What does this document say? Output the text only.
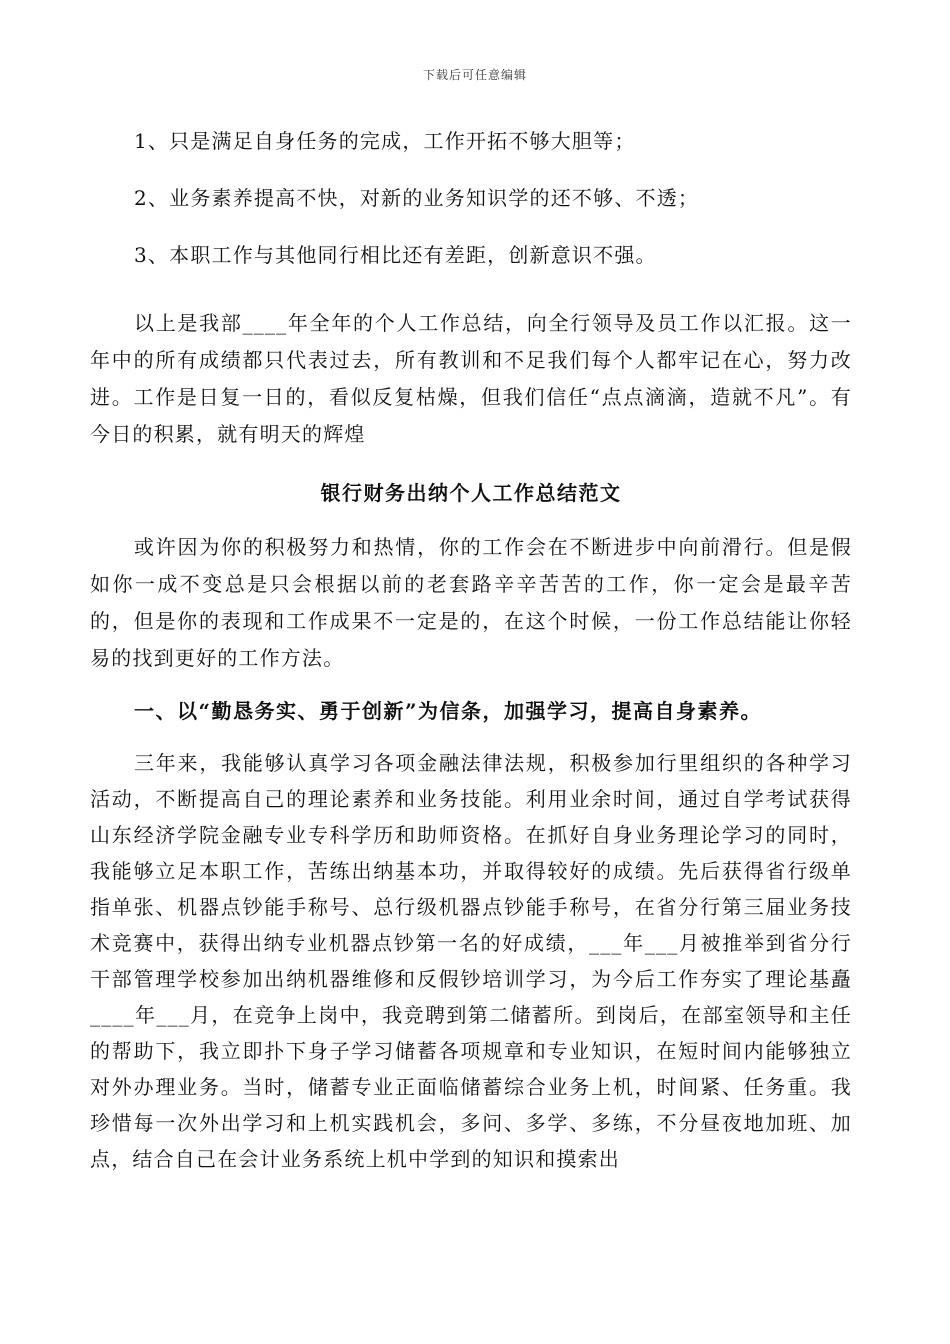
下载后可任意编辑

1、只是满足自身任务的完成，工作开拓不够大胆等；

2、业务素养提高不快，对新的业务知识学的还不够、不透；

3、本职工作与其他同行相比还有差距，创新意识不强。

以上是我部____年全年的个人工作总结，向全行领导及员工作以汇报。这一年中的所有成绩都只代表过去，所有教训和不足我们每个人都牢记在心，努力改进。工作是日复一日的，看似反复枯燥，但我们信任“点点滴滴，造就不凡”。有今日的积累，就有明天的辉煌

银行财务出纳个人工作总结范文

或许因为你的积极努力和热情，你的工作会在不断进步中向前滑行。但是假如你一成不变总是只会根据以前的老套路辛辛苦苦的工作，你一定会是最辛苦的，但是你的表现和工作成果不一定是的，在这个时候，一份工作总结能让你轻易的找到更好的工作方法。

一、以“勤恳务实、勇于创新”为信条，加强学习，提高自身素养。

三年来，我能够认真学习各项金融法律法规，积极参加行里组织的各种学习活动，不断提高自己的理论素养和业务技能。利用业余时间，通过自学考试获得山东经济学院金融专业专科学历和助师资格。在抓好自身业务理论学习的同时，我能够立足本职工作，苦练出纳基本功，并取得较好的成绩。先后获得省行级单指单张、机器点钞能手称号、总行级机器点钞能手称号，在省分行第三届业务技术竞赛中，获得出纳专业机器点钞第一名的好成绩，___年___月被推举到省分行干部管理学校参加出纳机器维修和反假钞培训学习，为今后工作夯实了理论基矗____年___月，在竞争上岗中，我竞聘到第二储蓄所。到岗后，在部室领导和主任的帮助下，我立即扑下身子学习储蓄各项规章和专业知识，在短时间内能够独立对外办理业务。当时，储蓄专业正面临储蓄综合业务上机，时间紧、任务重。我珍惜每一次外出学习和上机实践机会，多问、多学、多练，不分昼夜地加班、加点，结合自己在会计业务系统上机中学到的知识和摸索出
